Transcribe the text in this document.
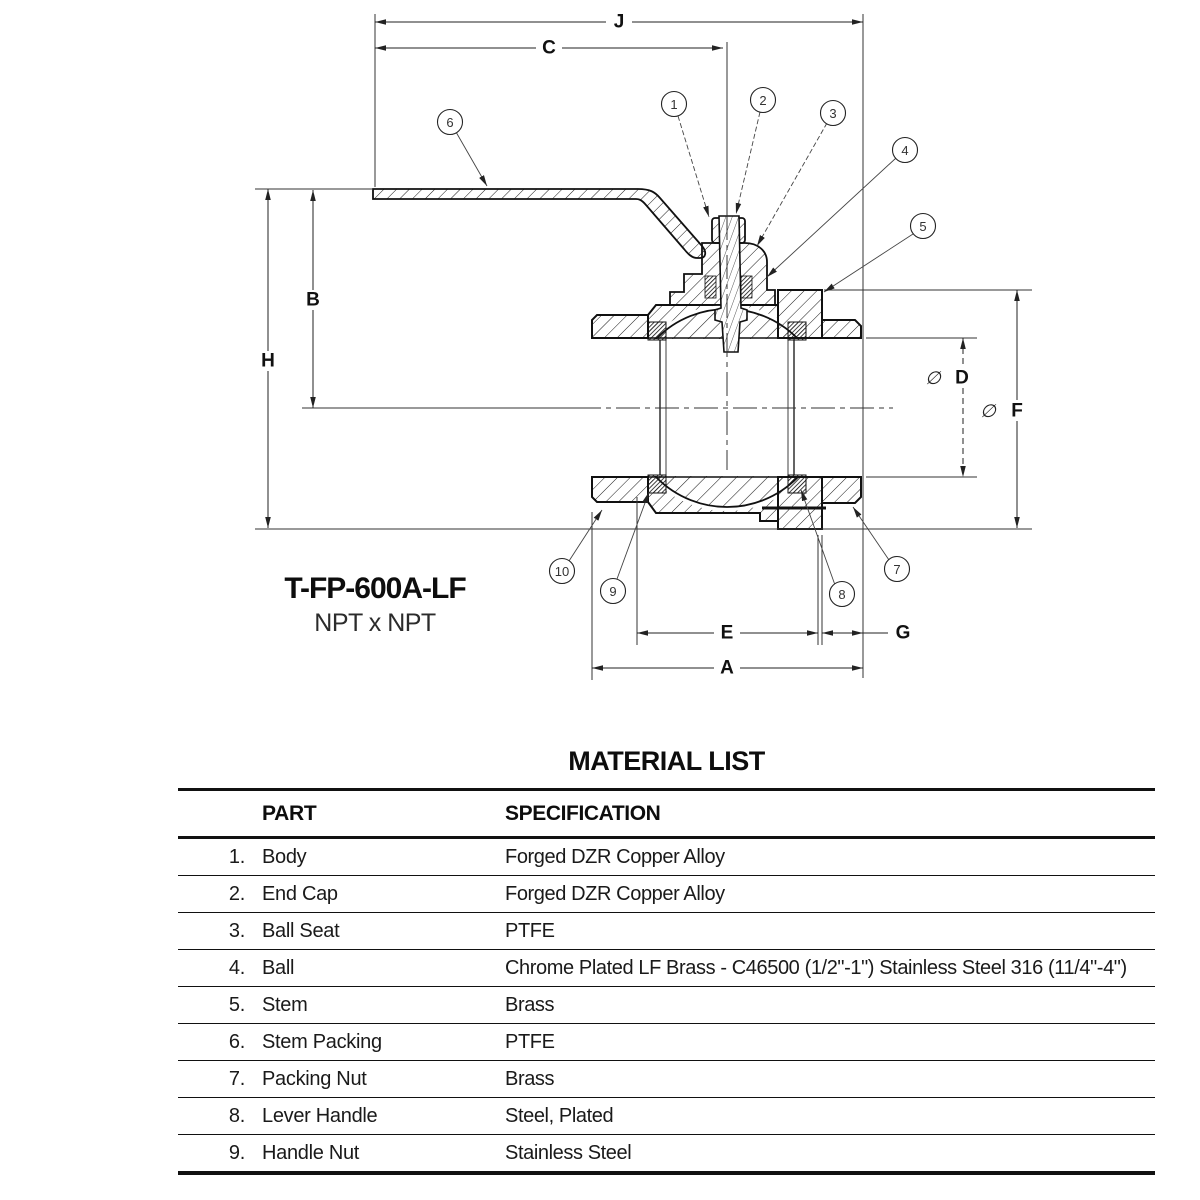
J
C
B
H
∅ D
∅ F
E	G
A
1	2
3
4
5
6
7
8
9
10
T-FP-600A-LF
NPT x NPT
MATERIAL LIST
PART	SPECIFICATION
1. Body	Forged DZR Copper Alloy
2. End Cap	Forged DZR Copper Alloy
3. Ball Seat	PTFE
4. Ball	Chrome Plated LF Brass - C46500 (1/2"-1") Stainless Steel 316 (11/4"-4")
5. Stem	Brass
6. Stem Packing	PTFE
7. Packing Nut	Brass
8. Lever Handle	Steel, Plated
9. Handle Nut	Stainless Steel
